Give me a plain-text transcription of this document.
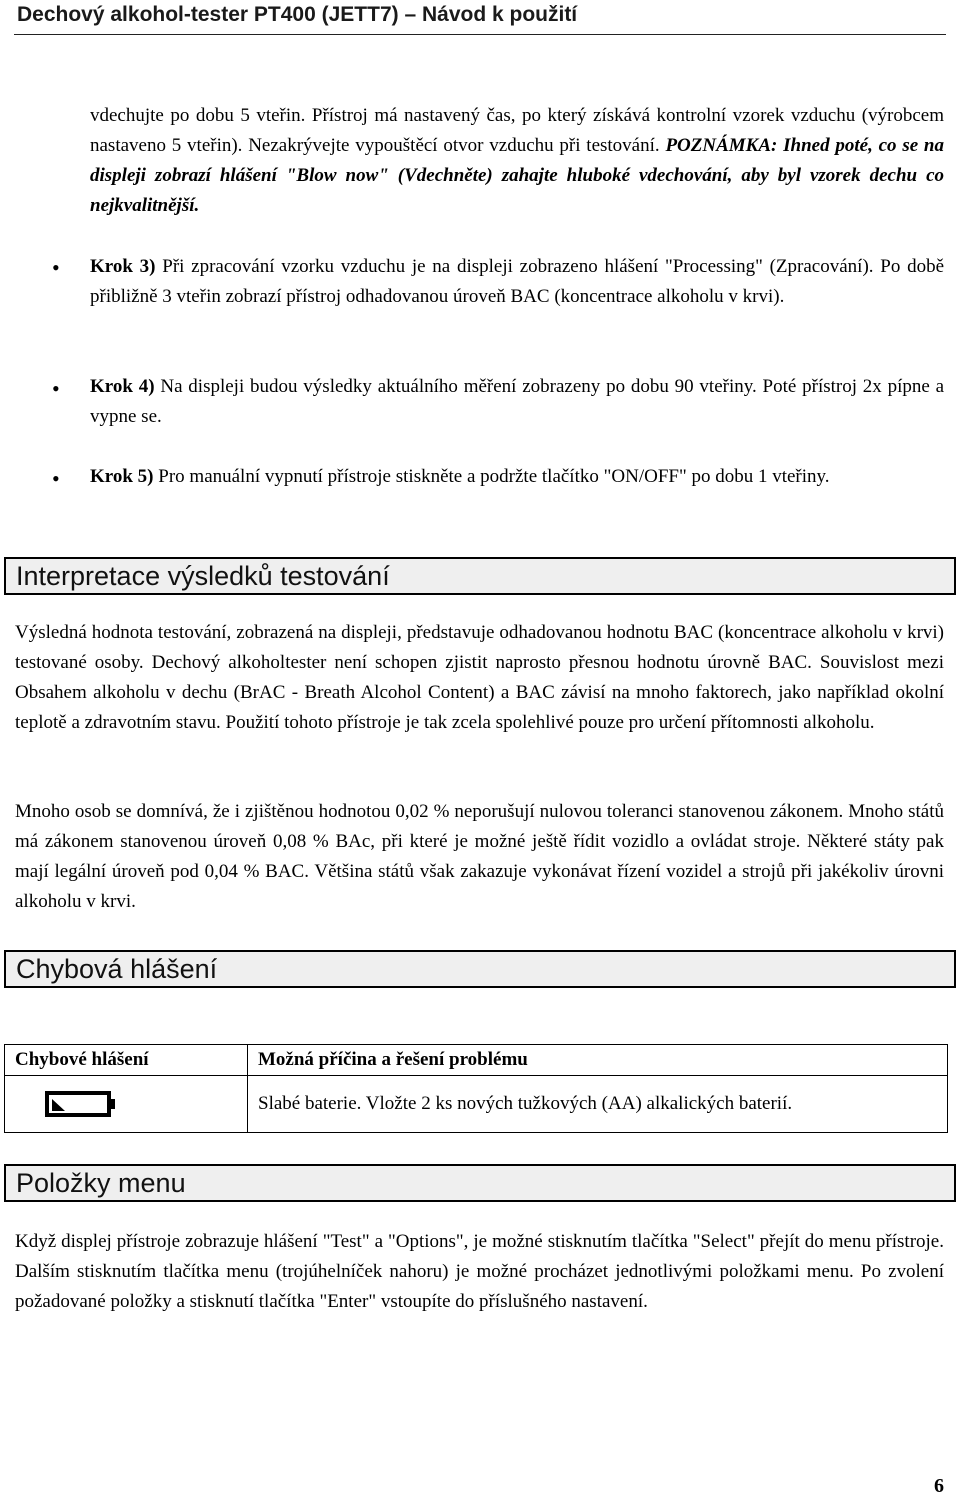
Dechový alkohol-tester PT400 (JETT7) – Návod k použití
vdechujte po dobu 5 vteřin. Přístroj má nastavený čas, po který získává kontrolní vzorek vzduchu (výrobcem nastaveno 5 vteřin). Nezakrývejte vypouštěcí otvor vzduchu při testování. POZNÁMKA: Ihned poté, co se na displeji zobrazí hlášení "Blow now" (Vdechněte) zahajte hluboké vdechování, aby byl vzorek dechu co nejkvalitnější.
• Krok 3) Při zpracování vzorku vzduchu je na displeji zobrazeno hlášení "Processing" (Zpracování). Po době přibližně 3 vteřin zobrazí přístroj odhadovanou úroveň BAC (koncentrace alkoholu v krvi).
• Krok 4) Na displeji budou výsledky aktuálního měření zobrazeny po dobu 90 vteřiny. Poté přístroj 2x pípne a vypne se.
• Krok 5) Pro manuální vypnutí přístroje stiskněte a podržte tlačítko "ON/OFF" po dobu 1 vteřiny.
Interpretace výsledků testování
Výsledná hodnota testování, zobrazená na displeji, představuje odhadovanou hodnotu BAC (koncentrace alkoholu v krvi) testované osoby. Dechový alkoholtester není schopen zjistit naprosto přesnou hodnotu úrovně BAC. Souvislost mezi Obsahem alkoholu v dechu (BrAC - Breath Alcohol Content) a BAC závisí na mnoho faktorech, jako například okolní teplotě a zdravotním stavu. Použití tohoto přístroje je tak zcela spolehlivé pouze pro určení přítomnosti alkoholu.
Mnoho osob se domnívá, že i zjištěnou hodnotou 0,02 % neporušují nulovou toleranci stanovenou zákonem. Mnoho států má zákonem stanovenou úroveň 0,08 % BAc, při které je možné ještě řídit vozidlo a ovládat stroje. Některé státy pak mají legální úroveň pod 0,04 % BAC. Většina států však zakazuje vykonávat řízení vozidel a strojů při jakékoliv úrovni alkoholu v krvi.
Chybová hlášení
Chybové hlášení	Možná příčina a řešení problému

	Slabé baterie. Vložte 2 ks nových tužkových (AA) alkalických baterií.
Položky menu
Když displej přístroje zobrazuje hlášení "Test" a "Options", je možné stisknutím tlačítka "Select" přejít do menu přístroje. Dalším stisknutím tlačítka menu (trojúhelníček nahoru) je možné procházet jednotlivými položkami menu. Po zvolení požadované položky a stisknutí tlačítka "Enter" vstoupíte do příslušného nastavení.
6
